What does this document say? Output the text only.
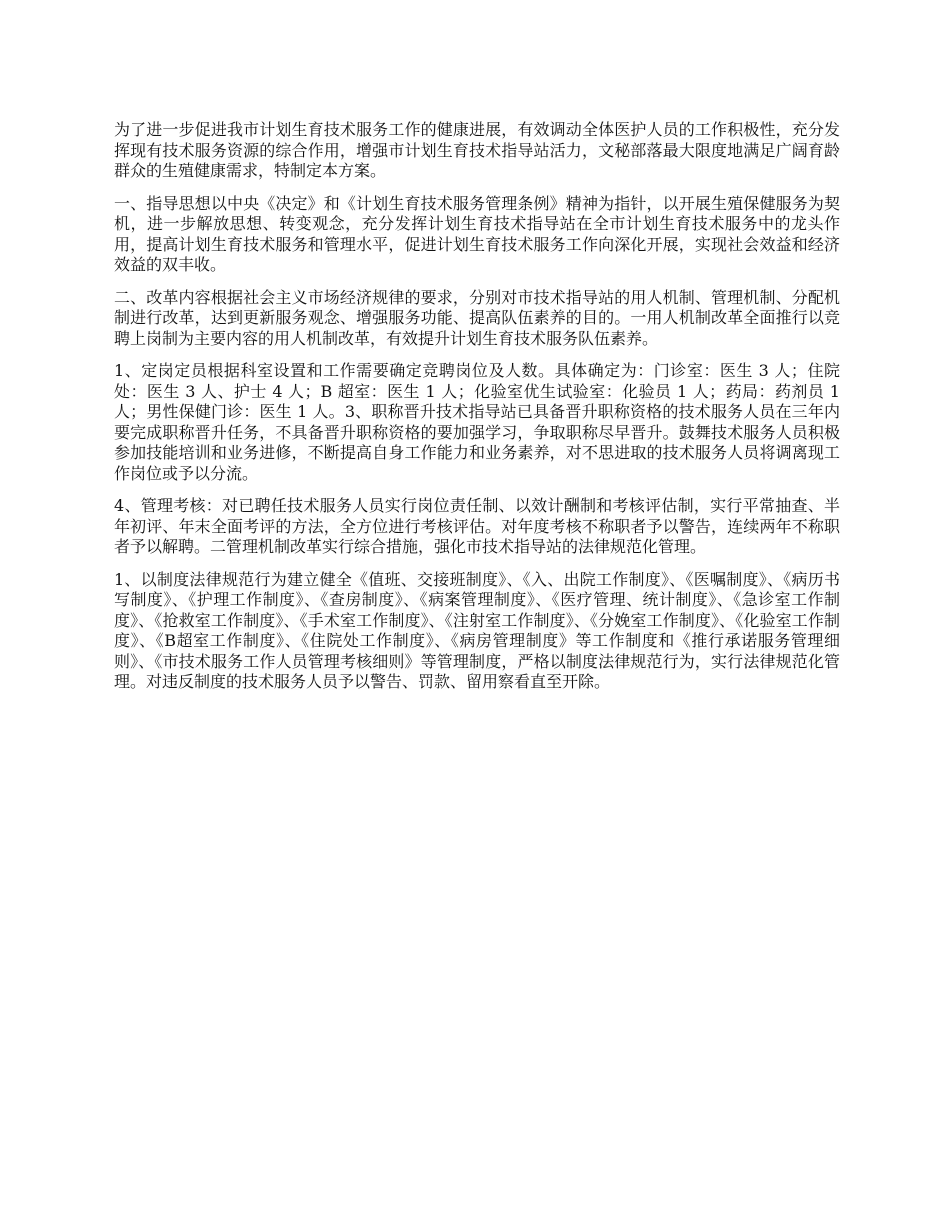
为了进一步促进我市计划生育技术服务工作的健康进展，有效调动全体医护人员的工作积极性，充分发挥现有技术服务资源的综合作用，增强市计划生育技术指导站活力，文秘部落最大限度地满足广阔育龄群众的生殖健康需求，特制定本方案。

一、指导思想以中央《决定》和《计划生育技术服务管理条例》精神为指针，以开展生殖保健服务为契机，进一步解放思想、转变观念，充分发挥计划生育技术指导站在全市计划生育技术服务中的龙头作用，提高计划生育技术服务和管理水平，促进计划生育技术服务工作向深化开展，实现社会效益和经济效益的双丰收。

二、改革内容根据社会主义市场经济规律的要求，分别对市技术指导站的用人机制、管理机制、分配机制进行改革，达到更新服务观念、增强服务功能、提高队伍素养的目的。一用人机制改革全面推行以竞聘上岗制为主要内容的用人机制改革，有效提升计划生育技术服务队伍素养。

1、定岗定员根据科室设置和工作需要确定竞聘岗位及人数。具体确定为：门诊室：医生 3 人；住院处：医生 3 人、护士 4 人；B 超室：医生 1 人；化验室优生试验室：化验员 1 人；药局：药剂员 1 人；男性保健门诊：医生 1 人。3、职称晋升技术指导站已具备晋升职称资格的技术服务人员在三年内要完成职称晋升任务，不具备晋升职称资格的要加强学习，争取职称尽早晋升。鼓舞技术服务人员积极参加技能培训和业务进修，不断提高自身工作能力和业务素养，对不思进取的技术服务人员将调离现工作岗位或予以分流。

4、管理考核：对已聘任技术服务人员实行岗位责任制、以效计酬制和考核评估制，实行平常抽查、半年初评、年末全面考评的方法，全方位进行考核评估。对年度考核不称职者予以警告，连续两年不称职者予以解聘。二管理机制改革实行综合措施，强化市技术指导站的法律规范化管理。

1、以制度法律规范行为建立健全《值班、交接班制度》、《入、出院工作制度》、《医嘱制度》、《病历书写制度》、《护理工作制度》、《查房制度》、《病案管理制度》、《医疗管理、统计制度》、《急诊室工作制度》、《抢救室工作制度》、《手术室工作制度》、《注射室工作制度》、《分娩室工作制度》、《化验室工作制度》、《B超室工作制度》、《住院处工作制度》、《病房管理制度》等工作制度和《推行承诺服务管理细则》、《市技术服务工作人员管理考核细则》等管理制度，严格以制度法律规范行为，实行法律规范化管理。对违反制度的技术服务人员予以警告、罚款、留用察看直至开除。
